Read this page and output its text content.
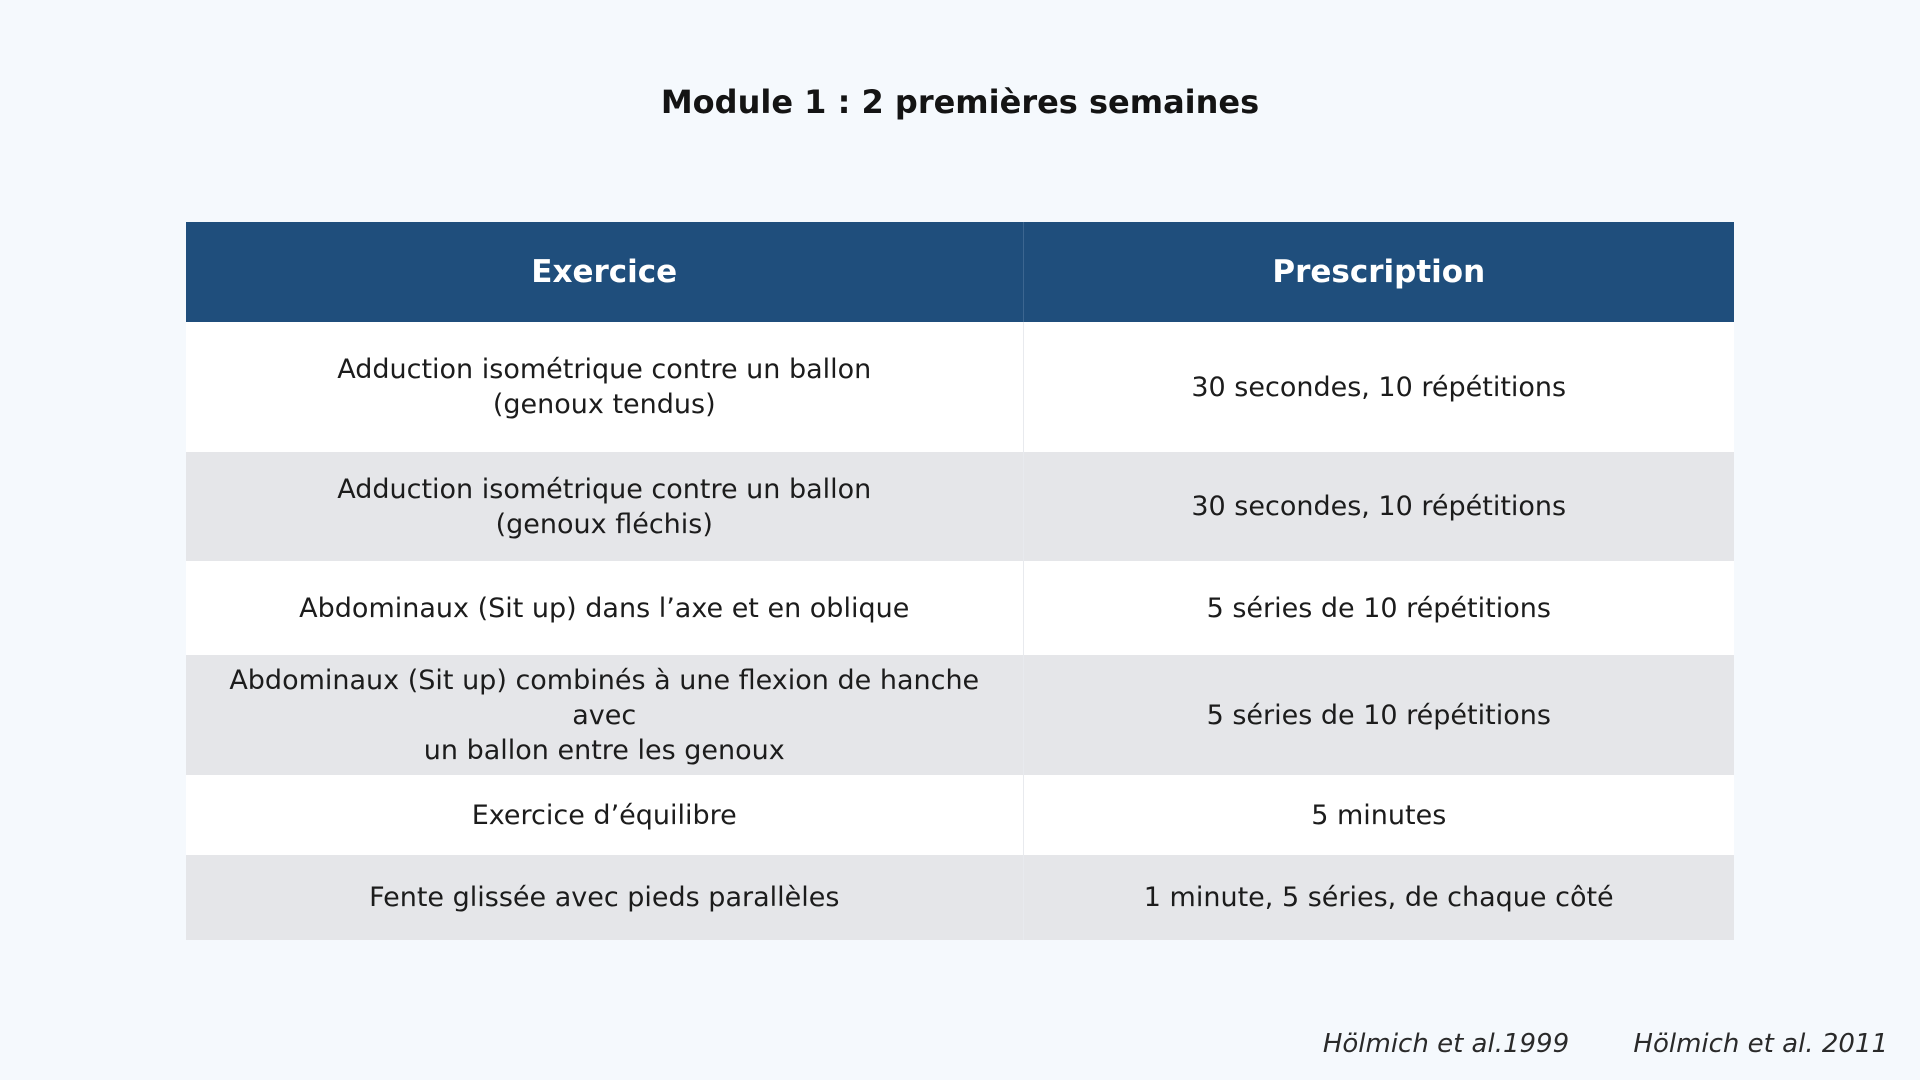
Module 1 : 2 premières semaines
Exercice	Prescription

Adduction isométrique contre un ballon
(genoux tendus)	30 secondes, 10 répétitions

Adduction isométrique contre un ballon
(genoux fléchis)	30 secondes, 10 répétitions

Abdominaux (Sit up) dans l’axe et en oblique	5 séries de 10 répétitions

Abdominaux (Sit up) combinés à une flexion de hanche avec
un ballon entre les genoux	5 séries de 10 répétitions

Exercice d’équilibre	5 minutes

Fente glissée avec pieds parallèles	1 minute, 5 séries, de chaque côté
Hölmich et al.1999 Hölmich et al. 2011
